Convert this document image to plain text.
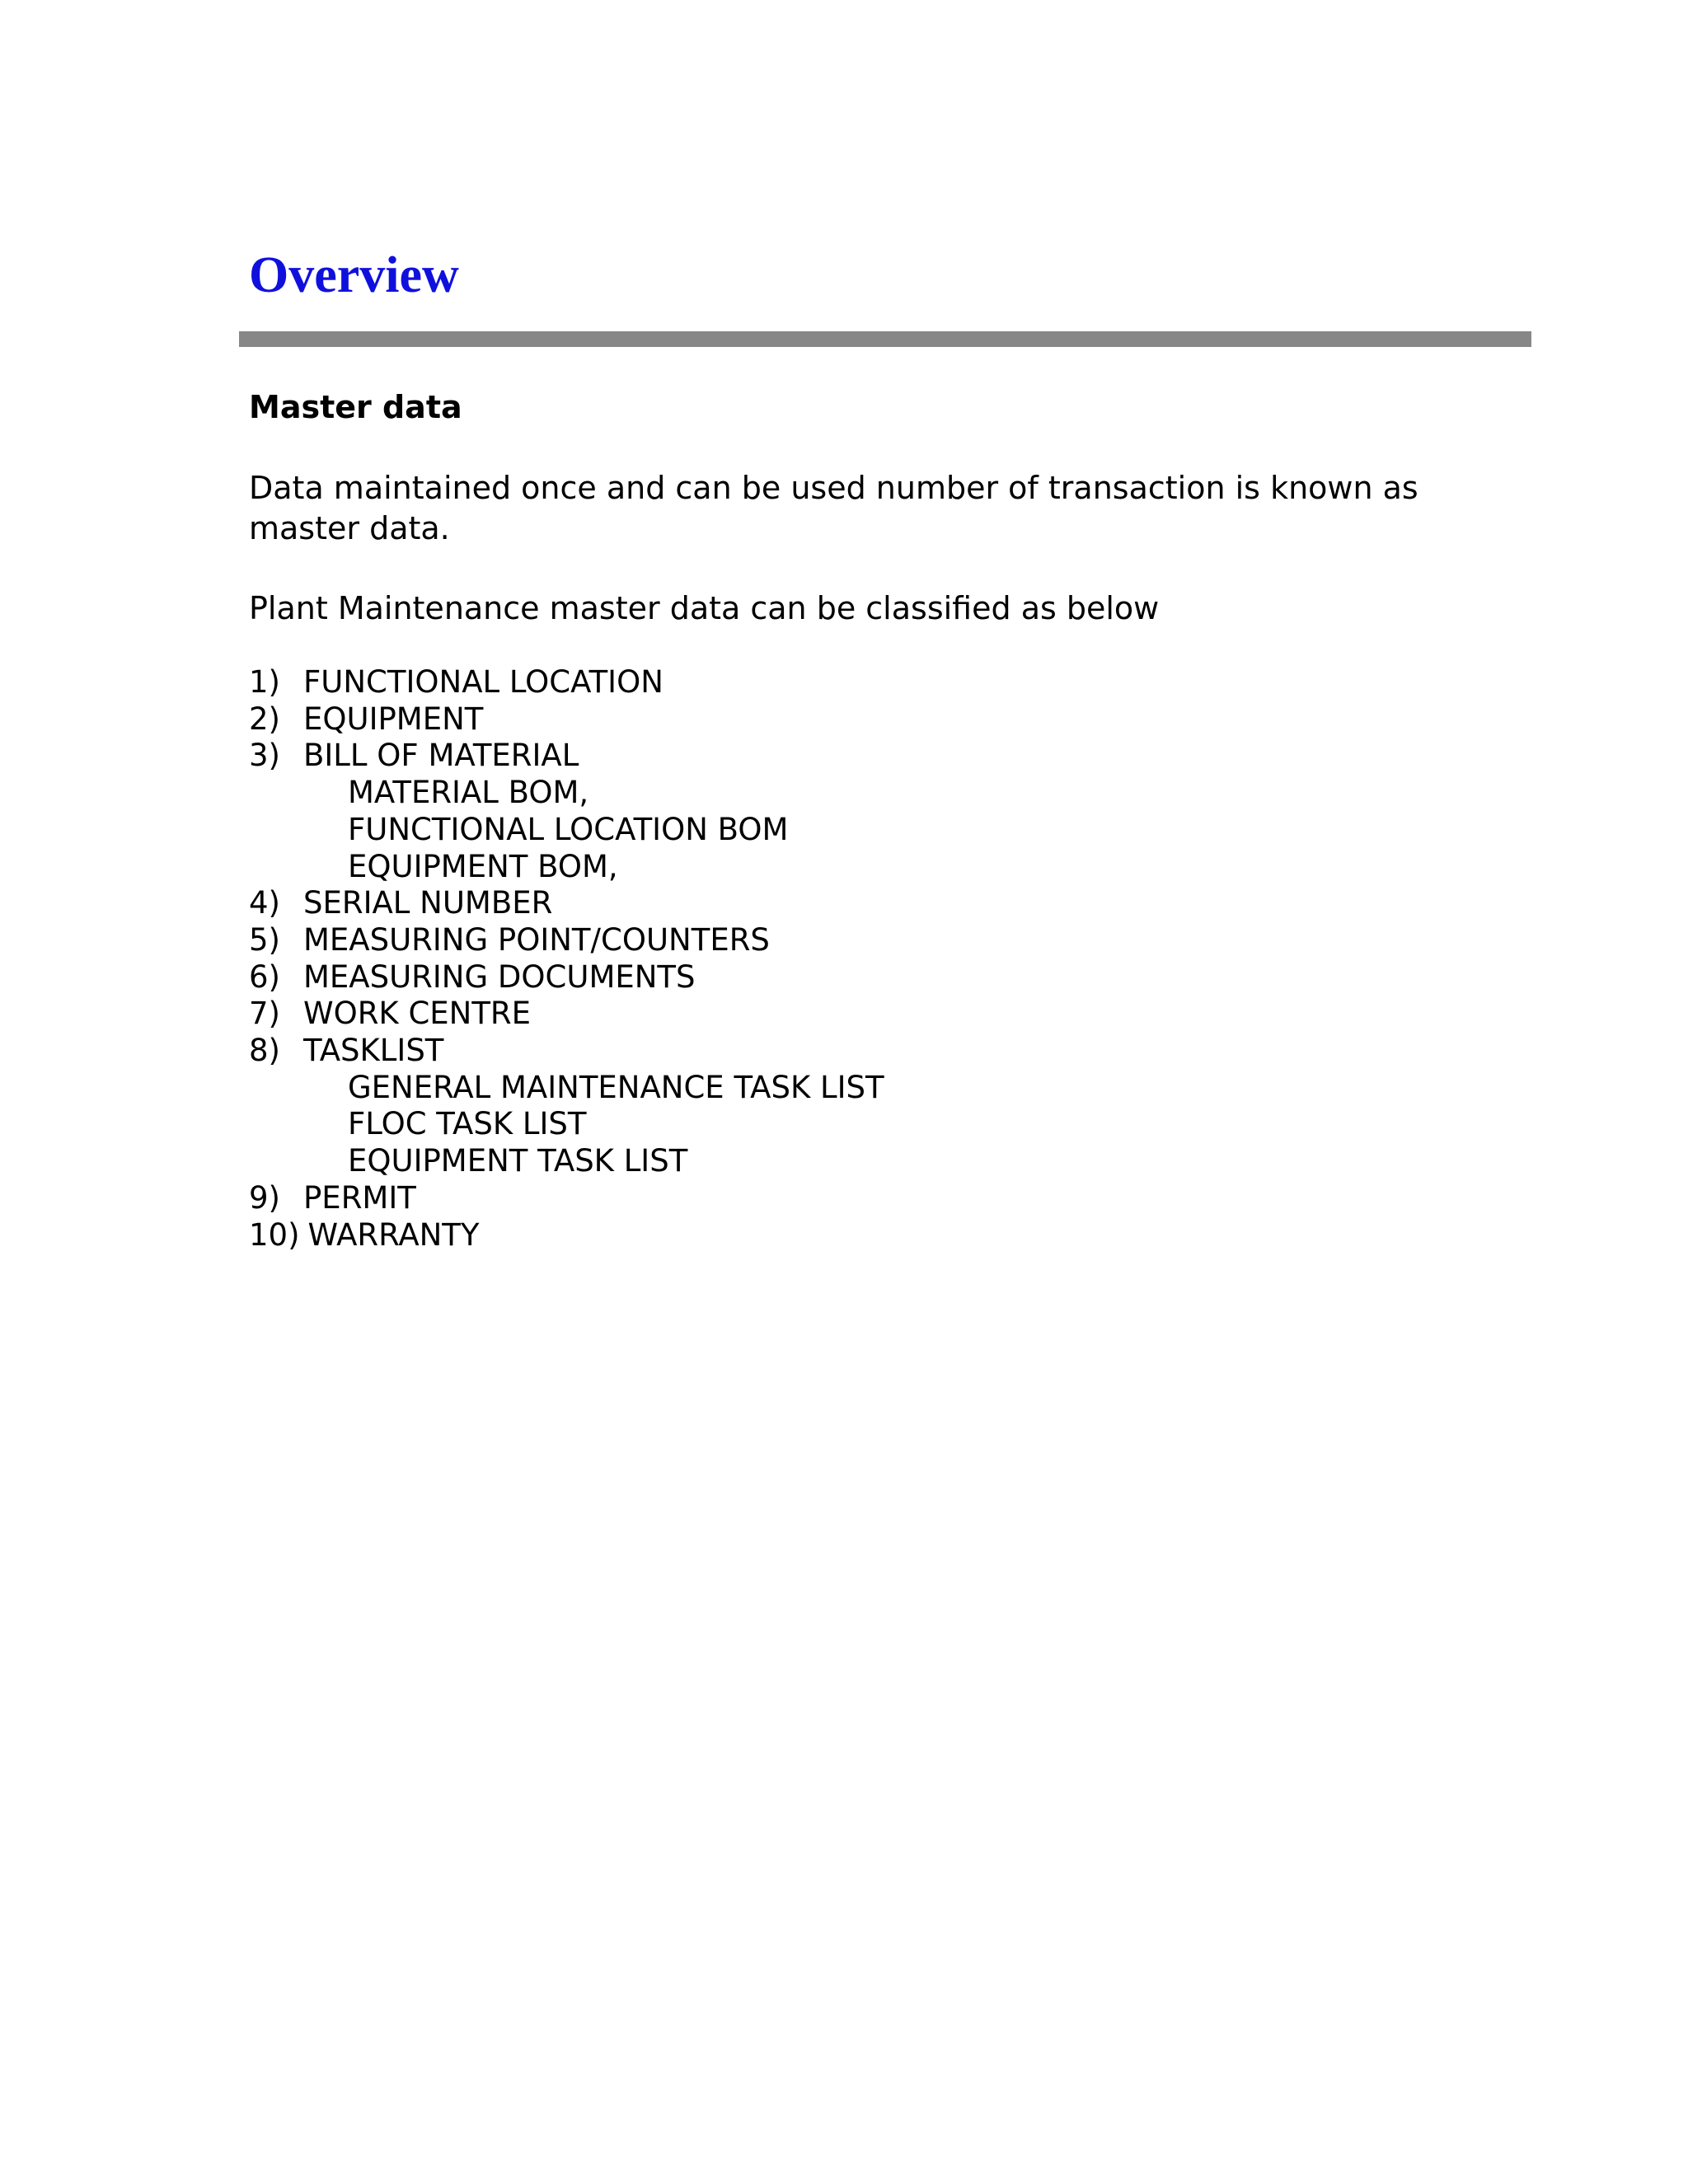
Overview
Master data

Data maintained once and can be used number of transaction is known as master data.

Plant Maintenance master data can be classified as below

1) FUNCTIONAL LOCATION
2) EQUIPMENT
3) BILL OF MATERIAL
MATERIAL BOM,
FUNCTIONAL LOCATION BOM
EQUIPMENT BOM,
4) SERIAL NUMBER
5) MEASURING POINT/COUNTERS
6) MEASURING DOCUMENTS
7) WORK CENTRE
8) TASKLIST
GENERAL MAINTENANCE TASK LIST
FLOC TASK LIST
EQUIPMENT TASK LIST
9) PERMIT
10) WARRANTY
